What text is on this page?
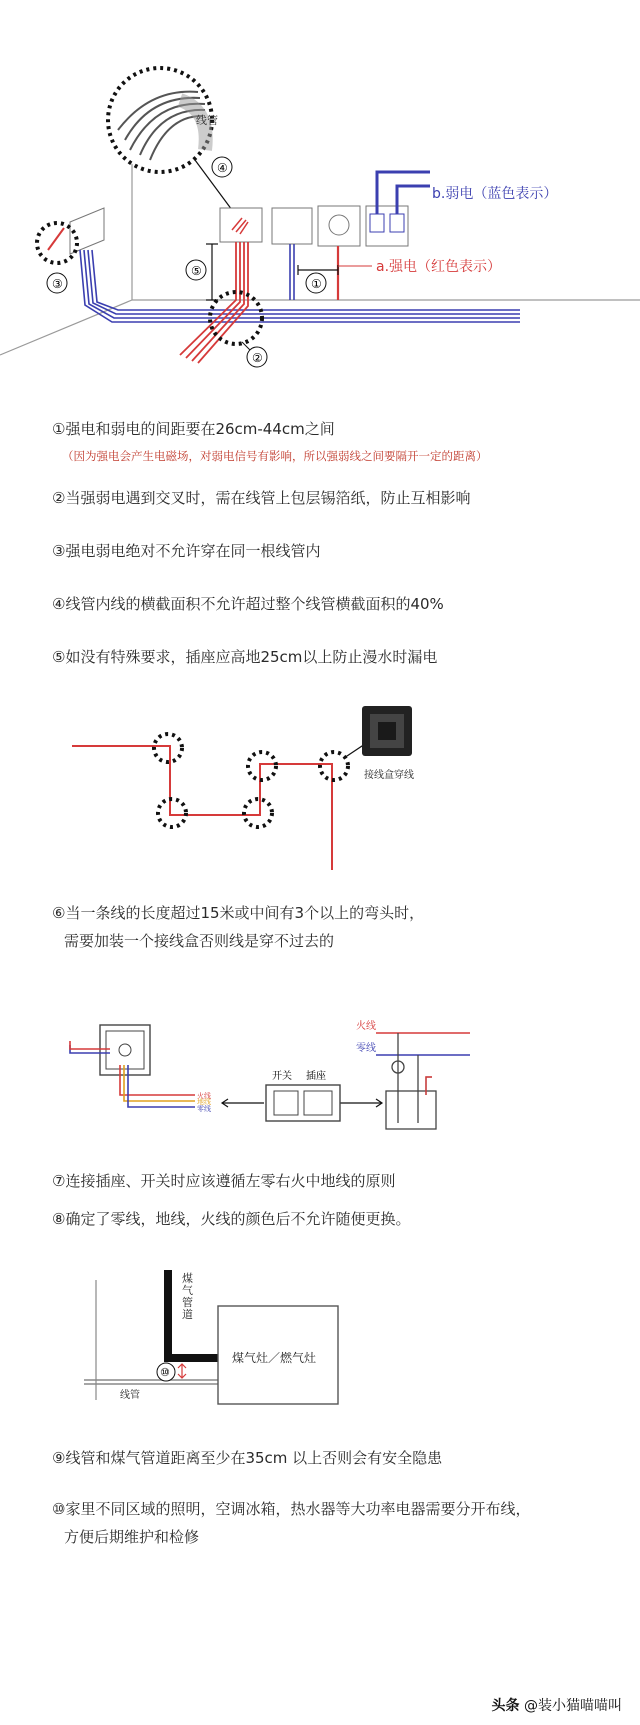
线管
①
⑤
②
③
④
a.强电（红色表示）
b.弱电（蓝色表示）
①强电和弱电的间距要在26cm-44cm之间
（因为强电会产生电磁场，对弱电信号有影响，所以强弱线之间要隔开一定的距离）
②当强弱电遇到交叉时，需在线管上包层锡箔纸，防止互相影响
③强电弱电绝对不允许穿在同一根线管内
④线管内线的横截面积不允许超过整个线管横截面积的40%
⑤如没有特殊要求，插座应高地25cm以上防止漫水时漏电
接线盒穿线
⑥当一条线的长度超过15米或中间有3个以上的弯头时，
需要加装一个接线盒否则线是穿不过去的
火线
地线
零线
开关 插座
火线
零线
⑦连接插座、开关时应该遵循左零右火中地线的原则
⑧确定了零线，地线，火线的颜色后不允许随便更换。
煤
气
管
道
煤气灶／燃气灶
⑩
线管
⑨线管和煤气管道距离至少在35cm 以上否则会有安全隐患
⑩家里不同区域的照明，空调冰箱，热水器等大功率电器需要分开布线，
方便后期维护和检修
头条 @装小猫喵喵叫
